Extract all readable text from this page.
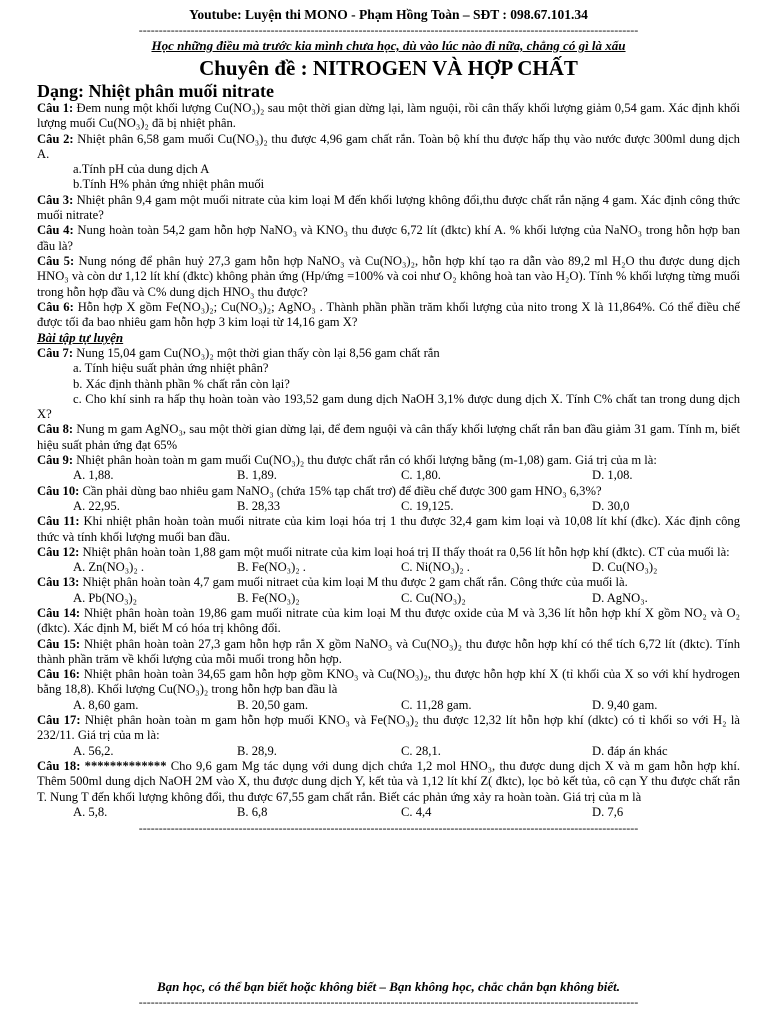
Youtube: Luyện thi MONO - Phạm Hồng Toàn – SĐT : 098.67.101.34
-----------------------------------------------------------------------------------------------------------------------------
Học những điều mà trước kia mình chưa học, dù vào lúc nào đi nữa, chẳng có gì là xấu
Chuyên đề : NITROGEN VÀ HỢP CHẤT
Dạng: Nhiệt phân muối nitrate

Câu 1: Đem nung một khối lượng Cu(NO₃)₂ sau một thời gian dừng lại, làm nguội, rồi cân thấy khối lượng giảm 0,54 gam. Xác định khối lượng muối Cu(NO₃)₂ đã bị nhiệt phân.

Câu 2: Nhiệt phân 6,58 gam muối Cu(NO₃)₂ thu được 4,96 gam chất rắn. Toàn bộ khí thu được hấp thụ vào nước được 300ml dung dịch A.

a.Tính pH của dung dịch A

b.Tính H% phản ứng nhiệt phân muối

Câu 3: Nhiệt phân 9,4 gam một muối nitrate của kim loại M đến khối lượng không đổi,thu được chất rắn nặng 4 gam. Xác định công thức muối nitrate?

Câu 4: Nung hoàn toàn 54,2 gam hỗn hợp NaNO₃ và KNO₃ thu được 6,72 lít (đktc) khí A. % khối lượng của NaNO₃ trong hỗn hợp ban đầu là?

Câu 5: Nung nóng để phân huỷ 27,3 gam hỗn hợp NaNO₃ và Cu(NO₃)₂, hỗn hợp khí tạo ra dẫn vào 89,2 ml H₂O thu được dung dịch HNO₃ và còn dư 1,12 lít khí (đktc) không phản ứng (Hp/ứng =100% và coi như O₂ không hoà tan vào H₂O). Tính % khối lượng từng muối trong hỗn hợp đầu và C% dung dịch HNO₃ thu được?

Câu 6: Hỗn hợp X gồm Fe(NO₃)₂; Cu(NO₃)₂; AgNO₃ . Thành phần phần trăm khối lượng của nito trong X là 11,864%. Có thể điều chế được tối đa bao nhiêu gam hỗn hợp 3 kim loại từ 14,16 gam X?

Bài tập tự luyện

Câu 7: Nung 15,04 gam Cu(NO₃)₂ một thời gian thấy còn lại 8,56 gam chất rắn

a. Tính hiệu suất phản ứng nhiệt phân?

b. Xác định thành phần % chất rắn còn lại?

c. Cho khí sinh ra hấp thụ hoàn toàn vào 193,52 gam dung dịch NaOH 3,1% được dung dịch X. Tính C% chất tan trong dung dịch X?

Câu 8: Nung m gam AgNO₃, sau một thời gian dừng lại, để đem nguội và cân thấy khối lượng chất rắn ban đầu giảm 31 gam. Tính m, biết hiệu suất phản ứng đạt 65%

Câu 9: Nhiệt phân hoàn toàn m gam muối Cu(NO₃)₂ thu được chất rắn có khối lượng bằng (m-1,08) gam. Giá trị của m là:

A. 1,88.	B. 1,89.	C. 1,80.	D. 1,08.

Câu 10: Cần phải dùng bao nhiêu gam NaNO₃ (chứa 15% tạp chất trơ) để điều chế được 300 gam HNO₃ 6,3%?

A. 22,95.	B. 28,33	C. 19,125.	D. 30,0

Câu 11: Khi nhiệt phân hoàn toàn muối nitrate của kim loại hóa trị 1 thu được 32,4 gam kim loại và 10,08 lít khí (đkc). Xác định công thức và tính khối lượng muối ban đầu.

Câu 12: Nhiệt phân hoàn toàn 1,88 gam một muối nitrate của kim loại hoá trị II thấy thoát ra 0,56 lít hỗn hợp khí (đktc). CT của muối là:

A. Zn(NO₃)₂ .	B. Fe(NO₃)₂ .	C. Ni(NO₃)₂ .	D. Cu(NO₃)₂

Câu 13: Nhiệt phân hoàn toàn 4,7 gam muối nitraet của kim loại M thu được 2 gam chất rắn. Công thức của muối là.

A. Pb(NO₃)₂	B. Fe(NO₃)₂	C. Cu(NO₃)₂	D. AgNO₃.

Câu 14: Nhiệt phân hoàn toàn 19,86 gam muối nitrate của kim loại M thu được oxide của M và 3,36 lít hỗn hợp khí X gồm NO₂ và O₂ (đktc). Xác định M, biết M có hóa trị không đổi.

Câu 15: Nhiệt phân hoàn toàn 27,3 gam hỗn hợp rắn X gồm NaNO₃ và Cu(NO₃)₂ thu được hỗn hợp khí có thể tích 6,72 lít (đktc). Tính thành phần trăm về khối lượng của mỗi muối trong hỗn hợp.

Câu 16: Nhiệt phân hoàn toàn 34,65 gam hỗn hợp gồm KNO₃ và Cu(NO₃)₂, thu được hỗn hợp khí X (tỉ khối của X so với khí hydrogen bằng 18,8). Khối lượng Cu(NO₃)₂ trong hỗn hợp ban đầu là

A. 8,60 gam.	B. 20,50 gam.	C. 11,28 gam.	D. 9,40 gam.

Câu 17: Nhiệt phân hoàn toàn m gam hỗn hợp muối KNO₃ và Fe(NO₃)₂ thu được 12,32 lít hỗn hợp khí (dktc) có tỉ khối so với H₂ là 232/11. Giá trị của m là:

A. 56,2.	B. 28,9.	C. 28,1.	D. đáp án khác

Câu 18: ************* Cho 9,6 gam Mg tác dụng với dung dịch chứa 1,2 mol HNO₃, thu được dung dịch X và m gam hỗn hợp khí. Thêm 500ml dung dịch NaOH 2M vào X, thu được dung dịch Y, kết tủa và 1,12 lít khí Z( đktc), lọc bỏ kết tủa, cô cạn Y thu được chất rắn T. Nung T đến khối lượng không đổi, thu được 67,55 gam chất rắn. Biết các phản ứng xảy ra hoàn toàn. Giá trị của m là

A. 5,8.	B. 6,8	C. 4,4	D. 7,6
-----------------------------------------------------------------------------------------------------------------------------
Bạn học, có thể bạn biết hoặc không biết – Bạn không học, chắc chắn bạn không biết.
-----------------------------------------------------------------------------------------------------------------------------
